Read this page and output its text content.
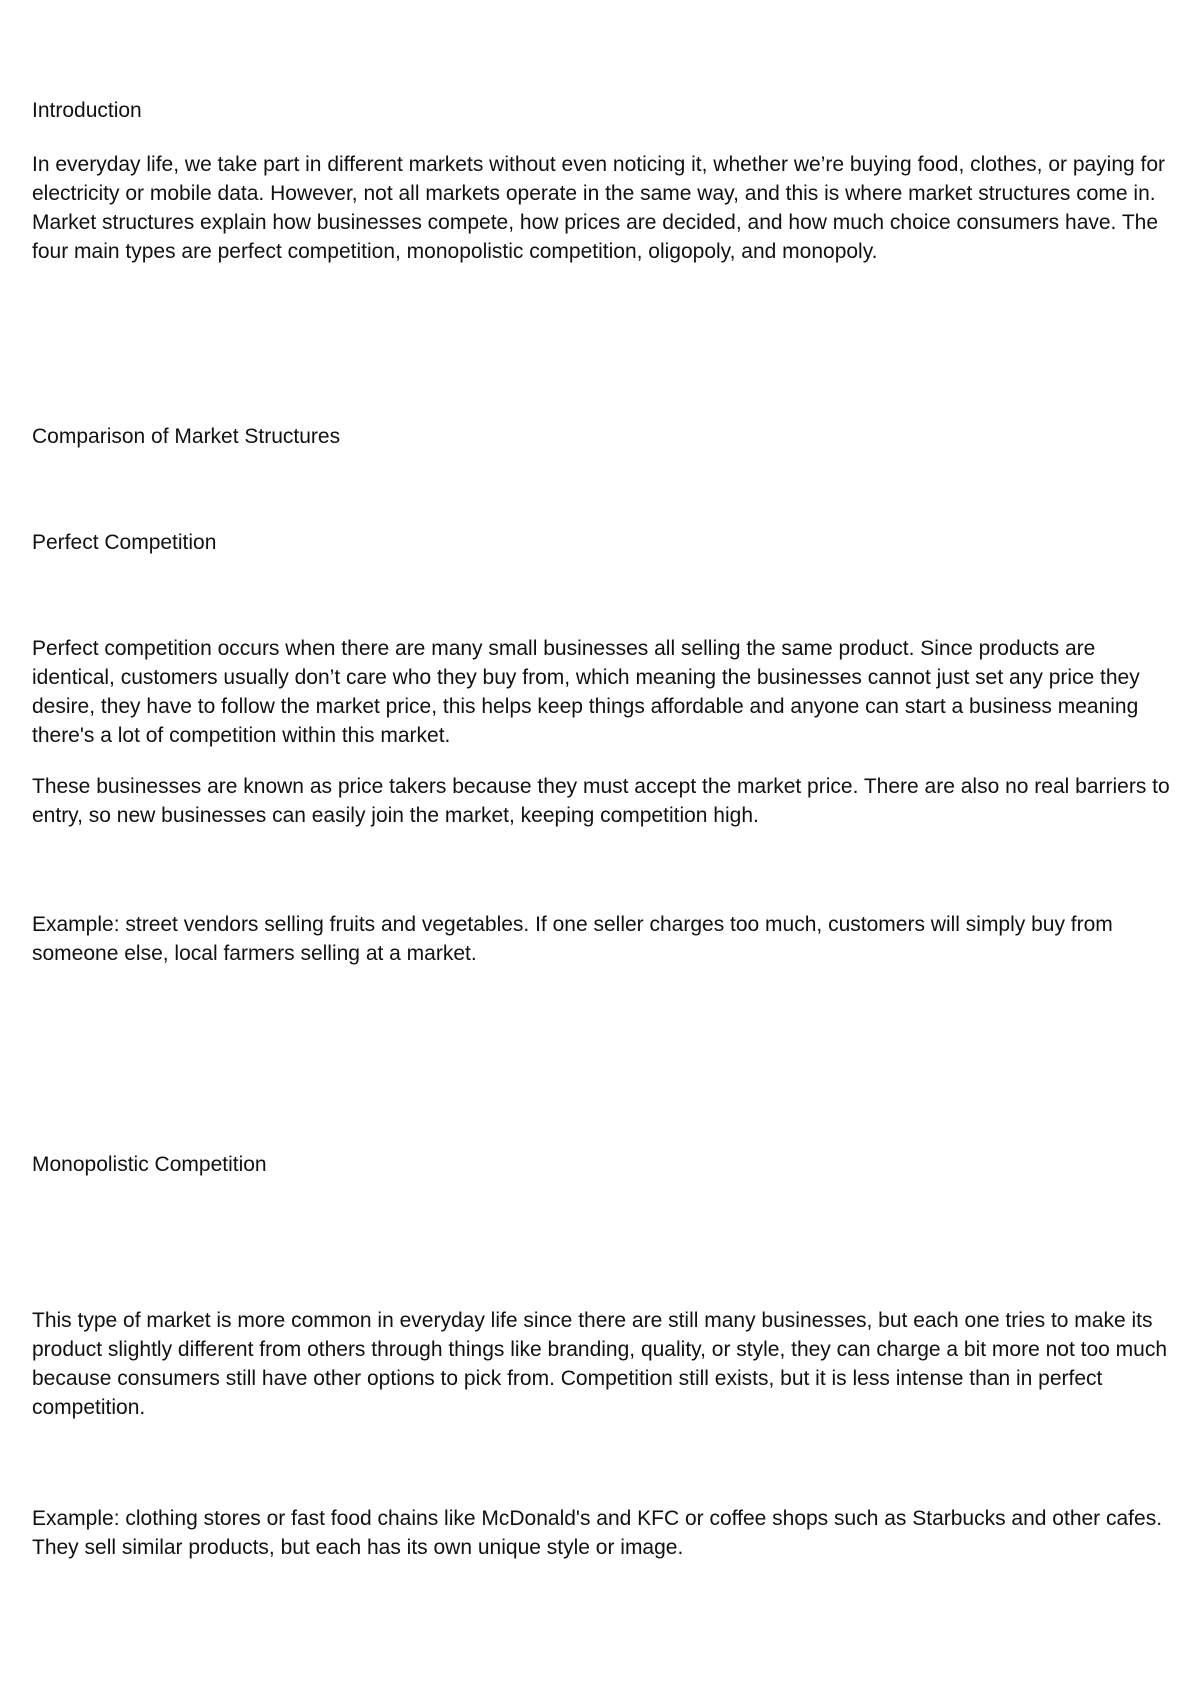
Introduction

In everyday life, we take part in different markets without even noticing it, whether we’re buying food, clothes, or paying for electricity or mobile data. However, not all markets operate in the same way, and this is where market structures come in. Market structures explain how businesses compete, how prices are decided, and how much choice consumers have. The four main types are perfect competition, monopolistic competition, oligopoly, and monopoly.

Comparison of Market Structures

Perfect Competition

Perfect competition occurs when there are many small businesses all selling the same product. Since products are identical, customers usually don’t care who they buy from, which meaning the businesses cannot just set any price they desire, they have to follow the market price, this helps keep things affordable and anyone can start a business meaning there's a lot of competition within this market.

These businesses are known as price takers because they must accept the market price. There are also no real barriers to entry, so new businesses can easily join the market, keeping competition high.

Example: street vendors selling fruits and vegetables. If one seller charges too much, customers will simply buy from someone else, local farmers selling at a market.

Monopolistic Competition

This type of market is more common in everyday life since there are still many businesses, but each one tries to make its product slightly different from others through things like branding, quality, or style, they can charge a bit more not too much because consumers still have other options to pick from. Competition still exists, but it is less intense than in perfect competition.

Example: clothing stores or fast food chains like McDonald's and KFC or coffee shops such as Starbucks and other cafes. They sell similar products, but each has its own unique style or image.
